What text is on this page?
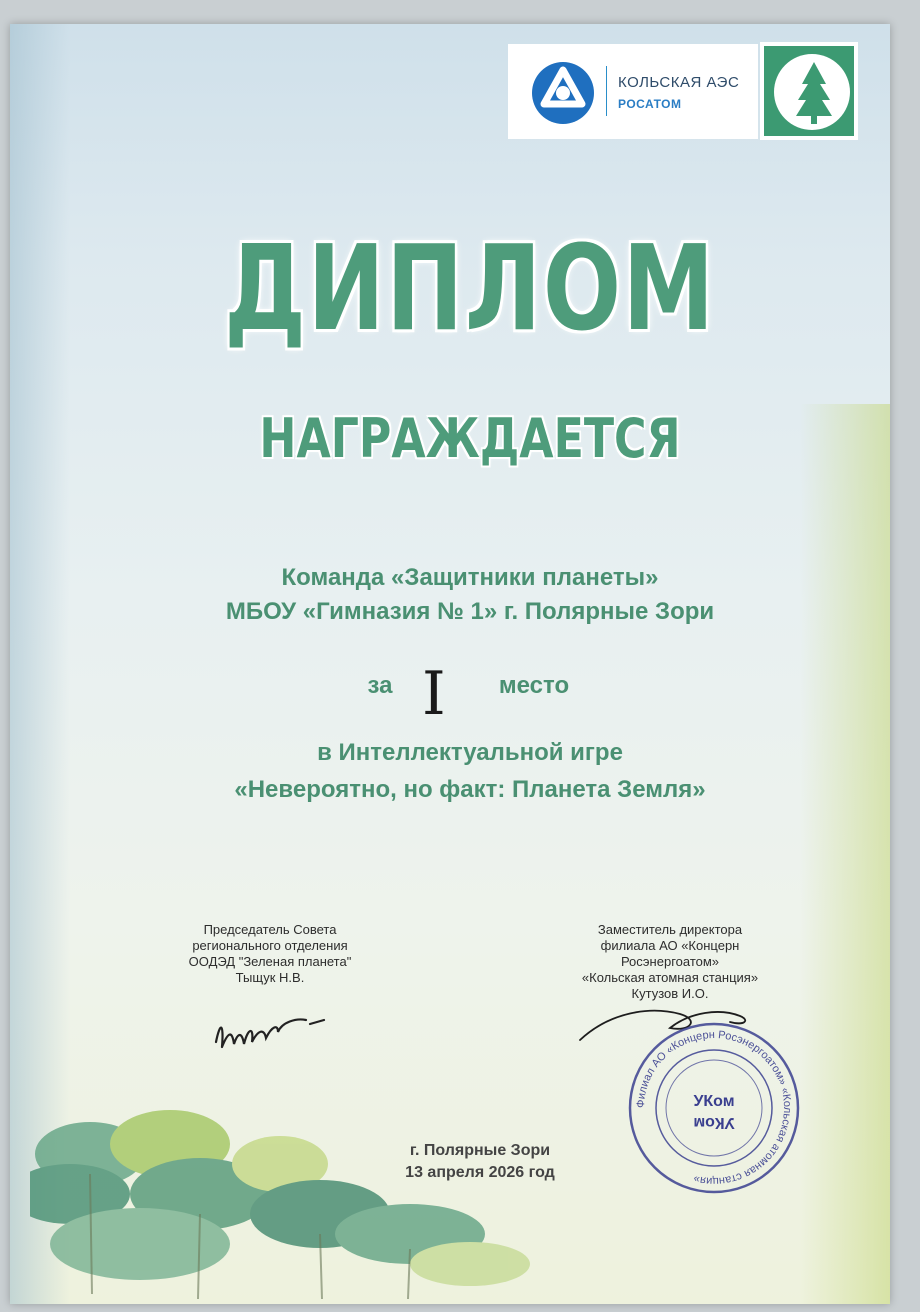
КОЛЬСКАЯ АЭС
РОСАТОМ
ДИПЛОМ
НАГРАЖДАЕТСЯ
Команда «Защитники планеты»
МБОУ «Гимназия № 1» г. Полярные Зори
за I	место
в Интеллектуальной игре
«Невероятно, но факт: Планета Земля»
Председатель Совета
регионального отделения
ООДЭД "Зеленая планета"
Тыщук Н.В.
Заместитель директора
филиала АО «Концерн Росэнергоатом»
«Кольская атомная станция»
Кутузов И.О.
Филиал АО «Концерн Росэнергоатом» «Кольская атомная станция»
УКом
УКом
г. Полярные Зори
13 апреля 2026 год
